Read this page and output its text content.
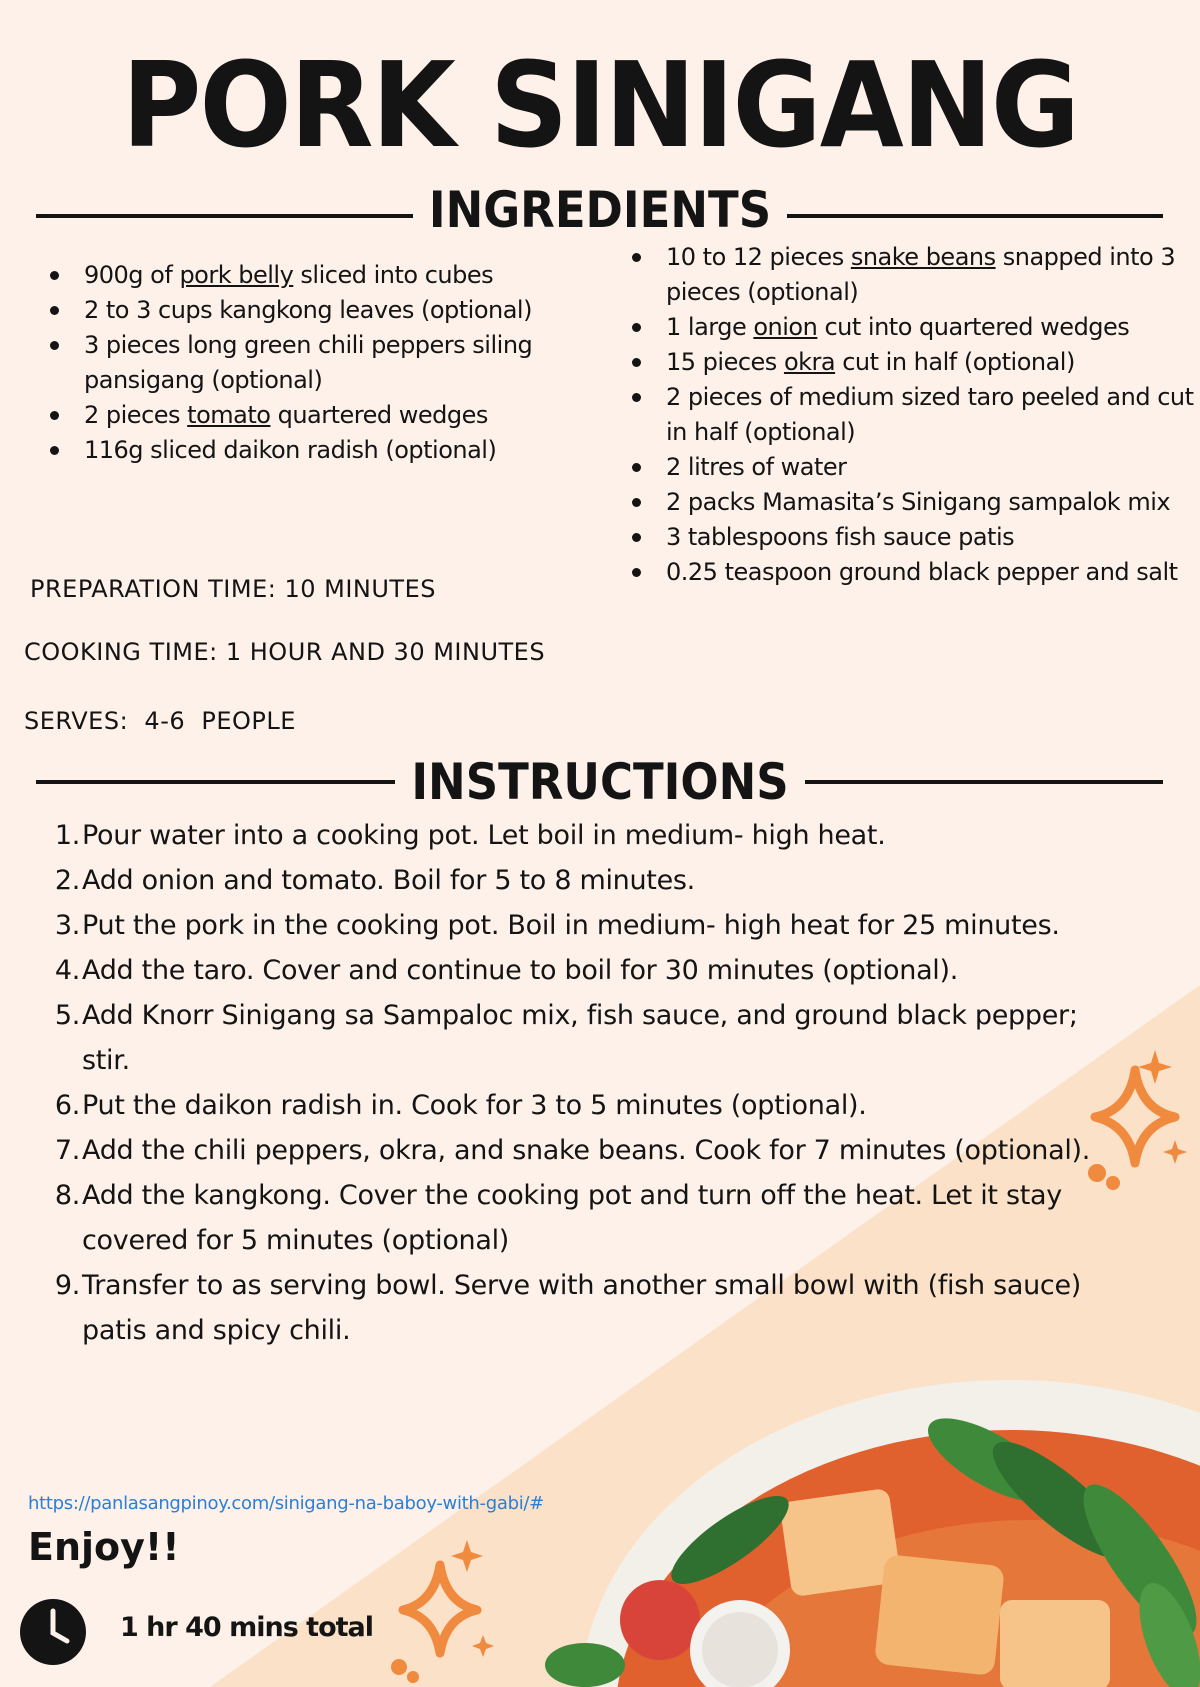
PORK SINIGANG
INGREDIENTS
900g of pork belly sliced into cubes
2 to 3 cups kangkong leaves (optional)
3 pieces long green chili peppers siling pansigang (optional)
2 pieces tomato quartered wedges
116g sliced daikon radish (optional)
10 to 12 pieces snake beans snapped into 3 pieces (optional)
1 large onion cut into quartered wedges
15 pieces okra cut in half (optional)
2 pieces of medium sized taro peeled and cut in half (optional)
2 litres of water
2 packs Mamasita’s Sinigang sampalok mix
3 tablespoons fish sauce patis
0.25 teaspoon ground black pepper and salt
PREPARATION TIME: 10 MINUTES
COOKING TIME: 1 HOUR AND 30 MINUTES
SERVES:  4-6  PEOPLE
INSTRUCTIONS
1. Pour water into a cooking pot. Let boil in medium- high heat.
2. Add onion and tomato. Boil for 5 to 8 minutes.
3. Put the pork in the cooking pot. Boil in medium- high heat for 25 minutes.
4. Add the taro. Cover and continue to boil for 30 minutes (optional).
5. Add Knorr Sinigang sa Sampaloc mix, fish sauce, and ground black pepper; stir.
6. Put the daikon radish in. Cook for 3 to 5 minutes (optional).
7. Add the chili peppers, okra, and snake beans. Cook for 7 minutes (optional).
8. Add the kangkong. Cover the cooking pot and turn off the heat. Let it stay covered for 5 minutes (optional)
9. Transfer to as serving bowl. Serve with another small bowl with (fish sauce) patis and spicy chili.
https://panlasangpinoy.com/sinigang-na-baboy-with-gabi/#
Enjoy!!
1 hr 40 mins total
